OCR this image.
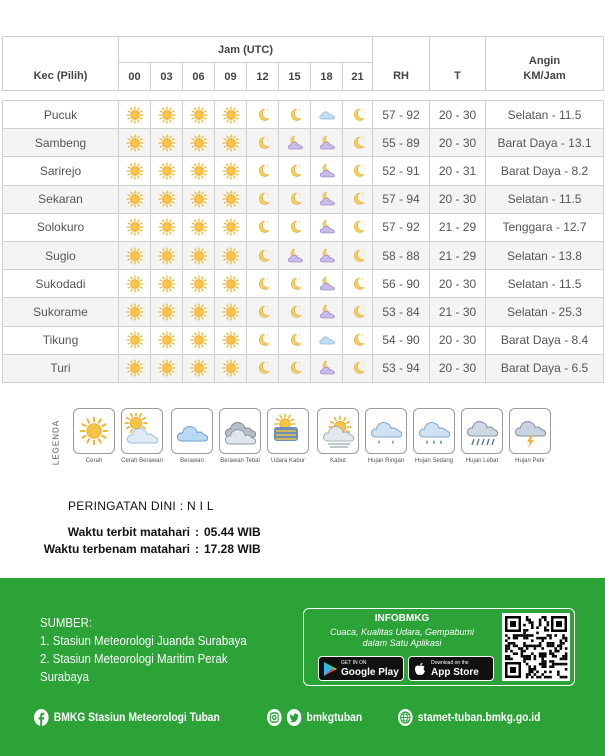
Kec (Pilih)	Jam (UTC)								RH	T	Angin
KM/Jam
	00	03	06	09	12	15	18	21			

Pucuk									57 - 92	20 - 30	Selatan - 11.5
Sambeng									55 - 89	20 - 30	Barat Daya - 13.1
Sarirejo									52 - 91	20 - 31	Barat Daya - 8.2
Sekaran									57 - 94	20 - 30	Selatan - 11.5
Solokuro									57 - 92	21 - 29	Tenggara - 12.7
Sugio									58 - 88	21 - 29	Selatan - 13.8
Sukodadi									56 - 90	20 - 30	Selatan - 11.5
Sukorame									53 - 84	21 - 30	Selatan - 25.3
Tikung									54 - 90	20 - 30	Barat Daya - 8.4
Turi									53 - 94	20 - 30	Barat Daya - 6.5
LEGENDA	Cerah	Cerah Berawan	Berawan	Berawan Tebal	Udara Kabur	Kabut	Hujan Ringan	Hujan Sedang	Hujan Lebat	Hujan Petir
PERINGATAN DINI : N I L
Waktu terbit matahari : 05.44 WIB
Waktu terbenam matahari : 17.28 WIB
SUMBER:
1. Stasiun Meteorologi Juanda Surabaya
2. Stasiun Meteorologi Maritim Perak
Surabaya
INFOBMKG
Cuaca, Kualitas Udara, Gempabumi
dalam Satu Aplikasi
GET IN ON
Google Play
Download on the
App Store
BMKG Stasiun Meteorologi Tuban	bmkgtuban	stamet-tuban.bmkg.go.id
